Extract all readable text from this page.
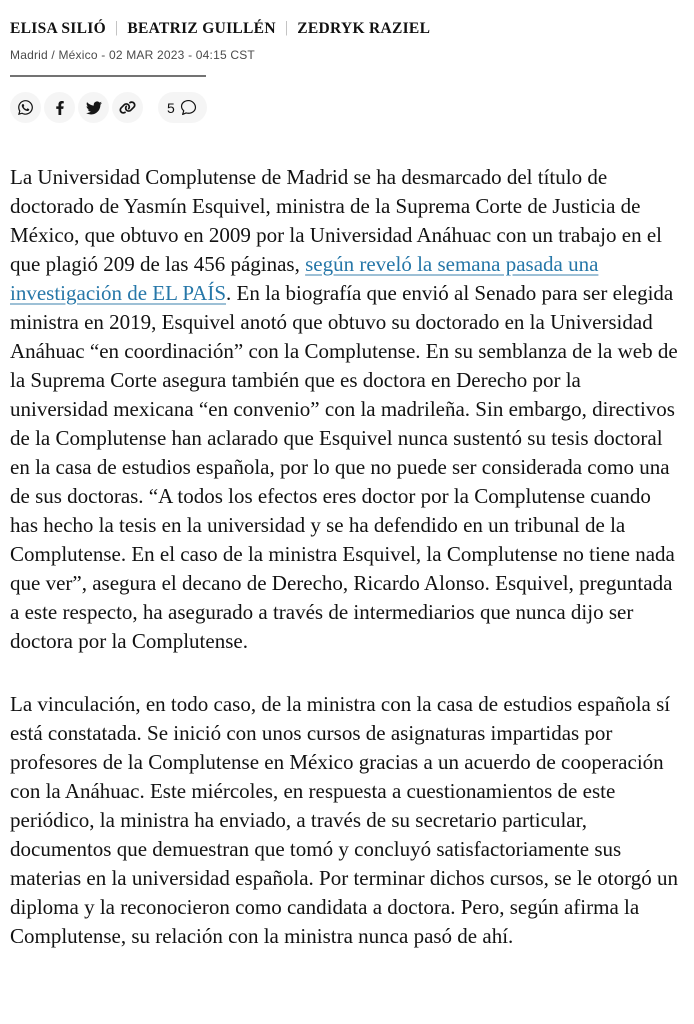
ELISA SILIÓ | BEATRIZ GUILLÉN | ZEDRYK RAZIEL
Madrid / México - 02 MAR 2023 - 04:15 CST
5

La Universidad Complutense de Madrid se ha desmarcado del título de doctorado de Yasmín Esquivel, ministra de la Suprema Corte de Justicia de México, que obtuvo en 2009 por la Universidad Anáhuac con un trabajo en el que plagió 209 de las 456 páginas, según reveló la semana pasada una investigación de EL PAÍS. En la biografía que envió al Senado para ser elegida ministra en 2019, Esquivel anotó que obtuvo su doctorado en la Universidad Anáhuac “en coordinación” con la Complutense. En su semblanza de la web de la Suprema Corte asegura también que es doctora en Derecho por la universidad mexicana “en convenio” con la madrileña. Sin embargo, directivos de la Complutense han aclarado que Esquivel nunca sustentó su tesis doctoral en la casa de estudios española, por lo que no puede ser considerada como una de sus doctoras. “A todos los efectos eres doctor por la Complutense cuando has hecho la tesis en la universidad y se ha defendido en un tribunal de la Complutense. En el caso de la ministra Esquivel, la Complutense no tiene nada que ver”, asegura el decano de Derecho, Ricardo Alonso. Esquivel, preguntada a este respecto, ha asegurado a través de intermediarios que nunca dijo ser doctora por la Complutense.

La vinculación, en todo caso, de la ministra con la casa de estudios española sí está constatada. Se inició con unos cursos de asignaturas impartidas por profesores de la Complutense en México gracias a un acuerdo de cooperación con la Anáhuac. Este miércoles, en respuesta a cuestionamientos de este periódico, la ministra ha enviado, a través de su secretario particular, documentos que demuestran que tomó y concluyó satisfactoriamente sus materias en la universidad española. Por terminar dichos cursos, se le otorgó un diploma y la reconocieron como candidata a doctora. Pero, según afirma la Complutense, su relación con la ministra nunca pasó de ahí.
